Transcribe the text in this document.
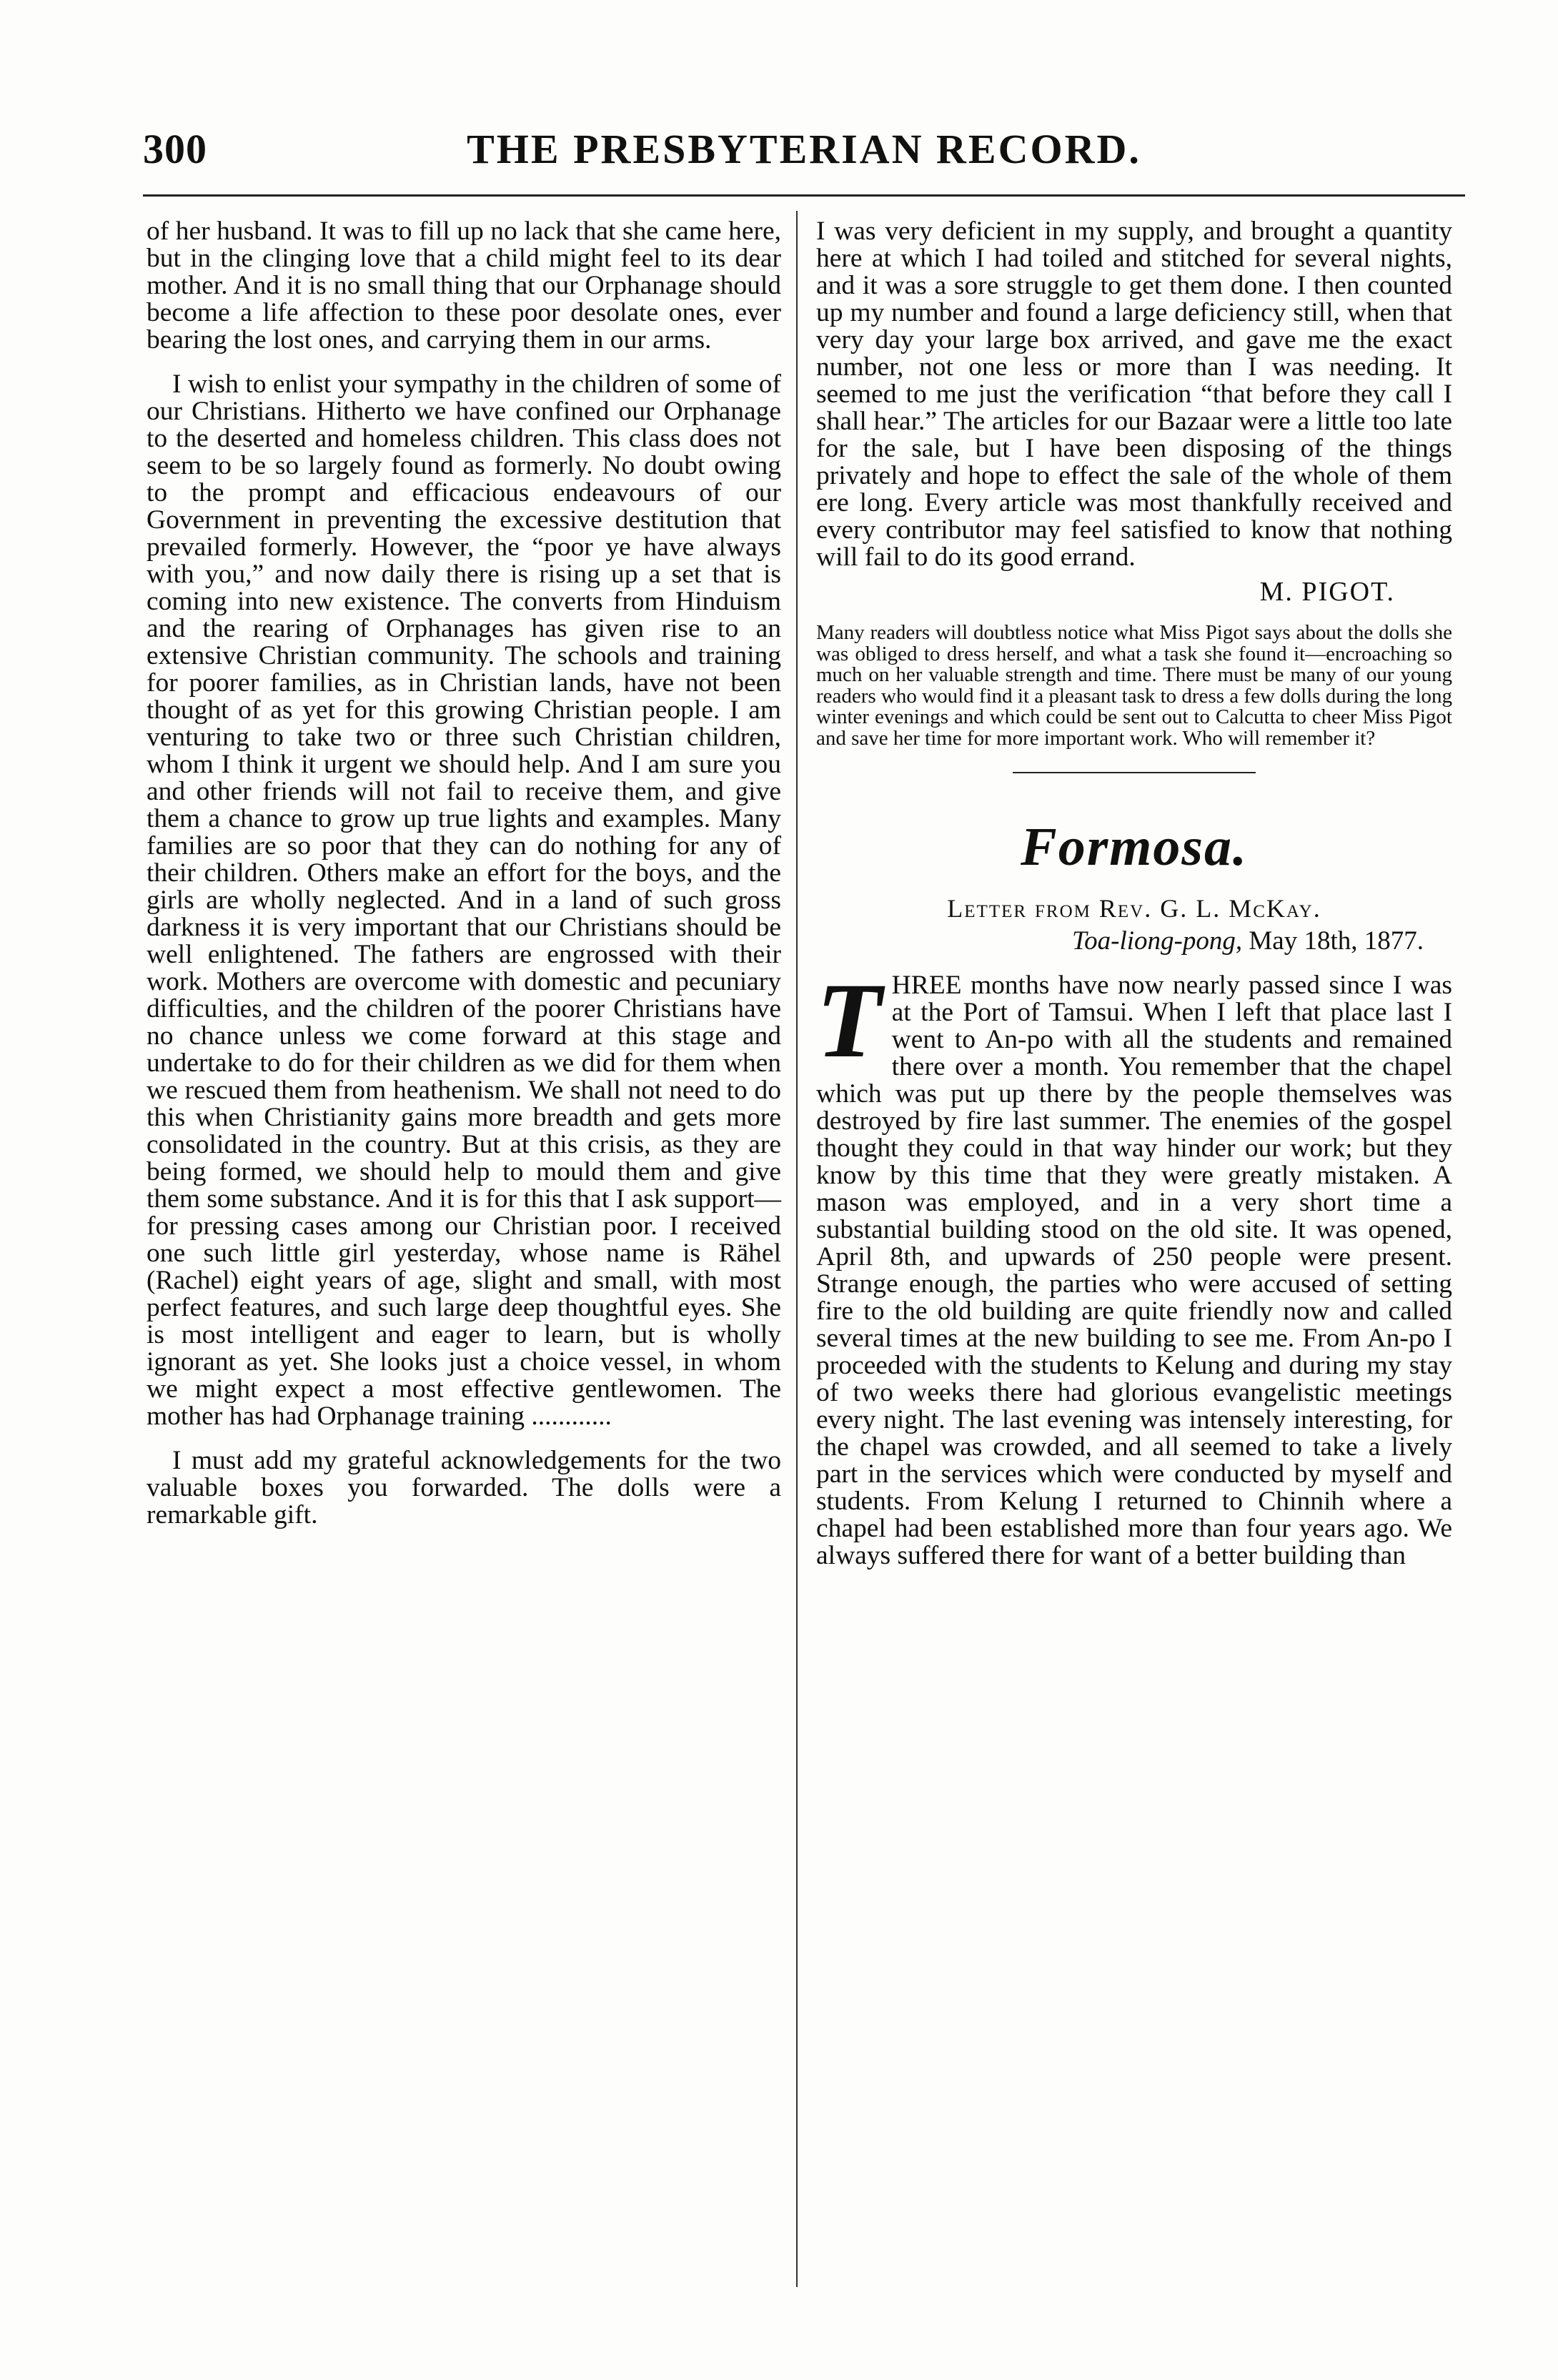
300	THE PRESBYTERIAN RECORD.

of her husband. It was to fill up no lack that she came here, but in the clinging love that a child might feel to its dear mother. And it is no small thing that our Orphanage should become a life affection to these poor desolate ones, ever bearing the lost ones, and carrying them in our arms.

I wish to enlist your sympathy in the children of some of our Christians. Hitherto we have confined our Orphanage to the deserted and homeless children. This class does not seem to be so largely found as formerly. No doubt owing to the prompt and efficacious endeavours of our Government in preventing the excessive destitution that prevailed formerly. However, the “poor ye have always with you,” and now daily there is rising up a set that is coming into new existence. The converts from Hinduism and the rearing of Orphanages has given rise to an extensive Christian community. The schools and training for poorer families, as in Christian lands, have not been thought of as yet for this growing Christian people. I am venturing to take two or three such Christian children, whom I think it urgent we should help. And I am sure you and other friends will not fail to receive them, and give them a chance to grow up true lights and examples. Many families are so poor that they can do nothing for any of their children. Others make an effort for the boys, and the girls are wholly neglected. And in a land of such gross darkness it is very important that our Christians should be well enlightened. The fathers are engrossed with their work. Mothers are overcome with domestic and pecuniary difficulties, and the children of the poorer Christians have no chance unless we come forward at this stage and undertake to do for their children as we did for them when we rescued them from heathenism. We shall not need to do this when Christianity gains more breadth and gets more consolidated in the country. But at this crisis, as they are being formed, we should help to mould them and give them some substance. And it is for this that I ask support—for pressing cases among our Christian poor. I received one such little girl yesterday, whose name is Rähel (Rachel) eight years of age, slight and small, with most perfect features, and such large deep thoughtful eyes. She is most intelligent and eager to learn, but is wholly ignorant as yet. She looks just a choice vessel, in whom we might expect a most effective gentlewomen. The mother has had Orphanage training ............

I must add my grateful acknowledgements for the two valuable boxes you forwarded. The dolls were a remarkable gift.

I was very deficient in my supply, and brought a quantity here at which I had toiled and stitched for several nights, and it was a sore struggle to get them done. I then counted up my number and found a large deficiency still, when that very day your large box arrived, and gave me the exact number, not one less or more than I was needing. It seemed to me just the verification “that before they call I shall hear.” The articles for our Bazaar were a little too late for the sale, but I have been disposing of the things privately and hope to effect the sale of the whole of them ere long. Every article was most thankfully received and every contributor may feel satisfied to know that nothing will fail to do its good errand.

M. PIGOT.

Many readers will doubtless notice what Miss Pigot says about the dolls she was obliged to dress herself, and what a task she found it—encroaching so much on her valuable strength and time. There must be many of our young readers who would find it a pleasant task to dress a few dolls during the long winter evenings and which could be sent out to Calcutta to cheer Miss Pigot and save her time for more important work. Who will remember it?

Formosa.

Letter from Rev. G. L. McKay.

Toa-liong-pong, May 18th, 1877.

THREE months have now nearly passed since I was at the Port of Tamsui. When I left that place last I went to An-po with all the students and remained there over a month. You remember that the chapel which was put up there by the people themselves was destroyed by fire last summer. The enemies of the gospel thought they could in that way hinder our work; but they know by this time that they were greatly mistaken. A mason was employed, and in a very short time a substantial building stood on the old site. It was opened, April 8th, and upwards of 250 people were present. Strange enough, the parties who were accused of setting fire to the old building are quite friendly now and called several times at the new building to see me. From An-po I proceeded with the students to Kelung and during my stay of two weeks there had glorious evangelistic meetings every night. The last evening was intensely interesting, for the chapel was crowded, and all seemed to take a lively part in the services which were conducted by myself and students. From Kelung I returned to Chinnih where a chapel had been established more than four years ago. We always suffered there for want of a better building than
